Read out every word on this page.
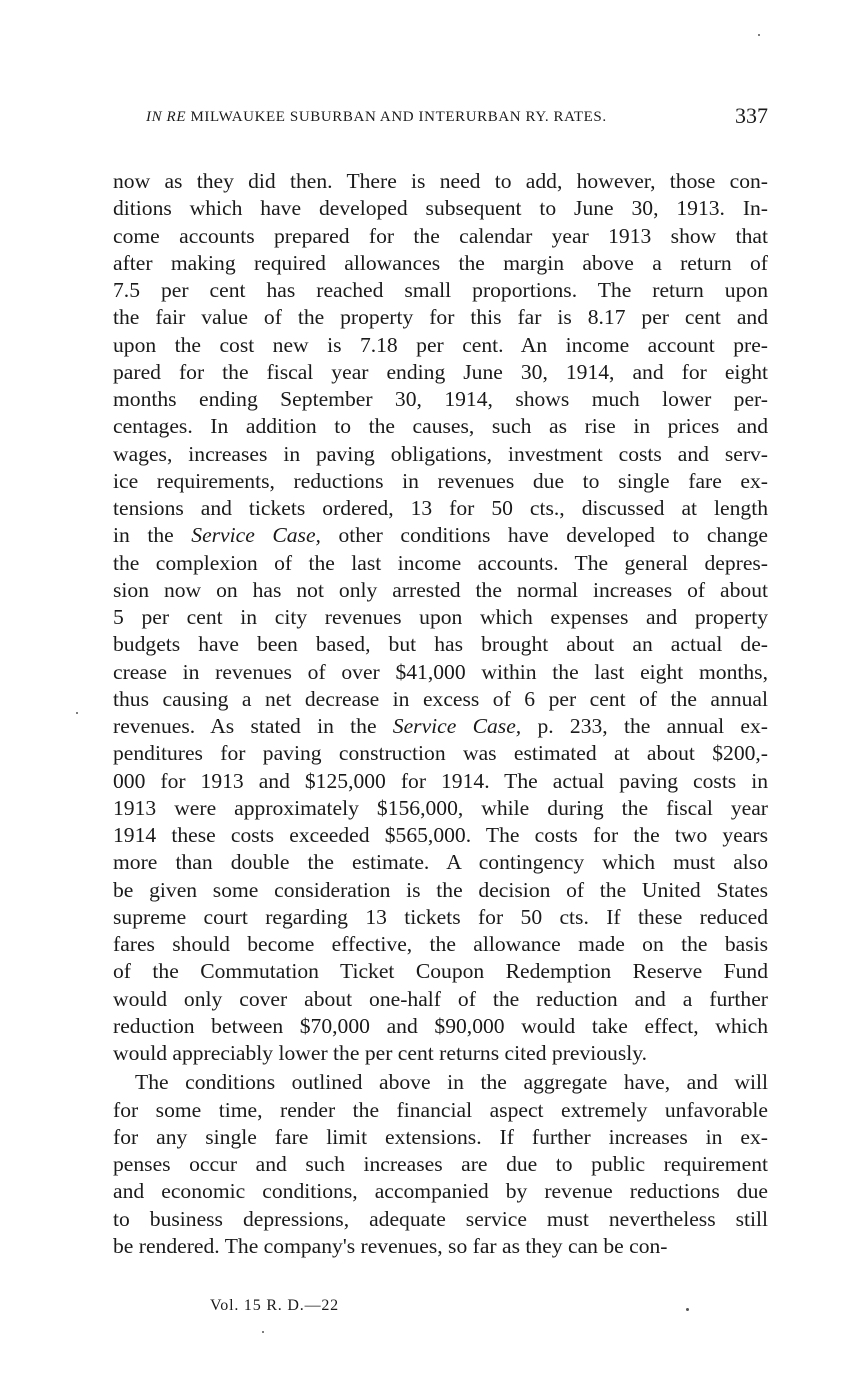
IN RE MILWAUKEE SUBURBAN AND INTERURBAN RY. RATES.	337
now as they did then. There is need to add, however, those con-
ditions which have developed subsequent to June 30, 1913. In-
come accounts prepared for the calendar year 1913 show that
after making required allowances the margin above a return of
7.5 per cent has reached small proportions. The return upon
the fair value of the property for this far is 8.17 per cent and
upon the cost new is 7.18 per cent. An income account pre-
pared for the fiscal year ending June 30, 1914, and for eight
months ending September 30, 1914, shows much lower per-
centages. In addition to the causes, such as rise in prices and
wages, increases in paving obligations, investment costs and serv-
ice requirements, reductions in revenues due to single fare ex-
tensions and tickets ordered, 13 for 50 cts., discussed at length
in the Service Case, other conditions have developed to change
the complexion of the last income accounts. The general depres-
sion now on has not only arrested the normal increases of about
5 per cent in city revenues upon which expenses and property
budgets have been based, but has brought about an actual de-
crease in revenues of over $41,000 within the last eight months,
thus causing a net decrease in excess of 6 per cent of the annual
revenues. As stated in the Service Case, p. 233, the annual ex-
penditures for paving construction was estimated at about $200,-
000 for 1913 and $125,000 for 1914. The actual paving costs in
1913 were approximately $156,000, while during the fiscal year
1914 these costs exceeded $565,000. The costs for the two years
more than double the estimate. A contingency which must also
be given some consideration is the decision of the United States
supreme court regarding 13 tickets for 50 cts. If these reduced
fares should become effective, the allowance made on the basis
of the Commutation Ticket Coupon Redemption Reserve Fund
would only cover about one-half of the reduction and a further
reduction between $70,000 and $90,000 would take effect, which
would appreciably lower the per cent returns cited previously.
The conditions outlined above in the aggregate have, and will
for some time, render the financial aspect extremely unfavorable
for any single fare limit extensions. If further increases in ex-
penses occur and such increases are due to public requirement
and economic conditions, accompanied by revenue reductions due
to business depressions, adequate service must nevertheless still
be rendered. The company's revenues, so far as they can be con-
Vol. 15 R. D.—22
